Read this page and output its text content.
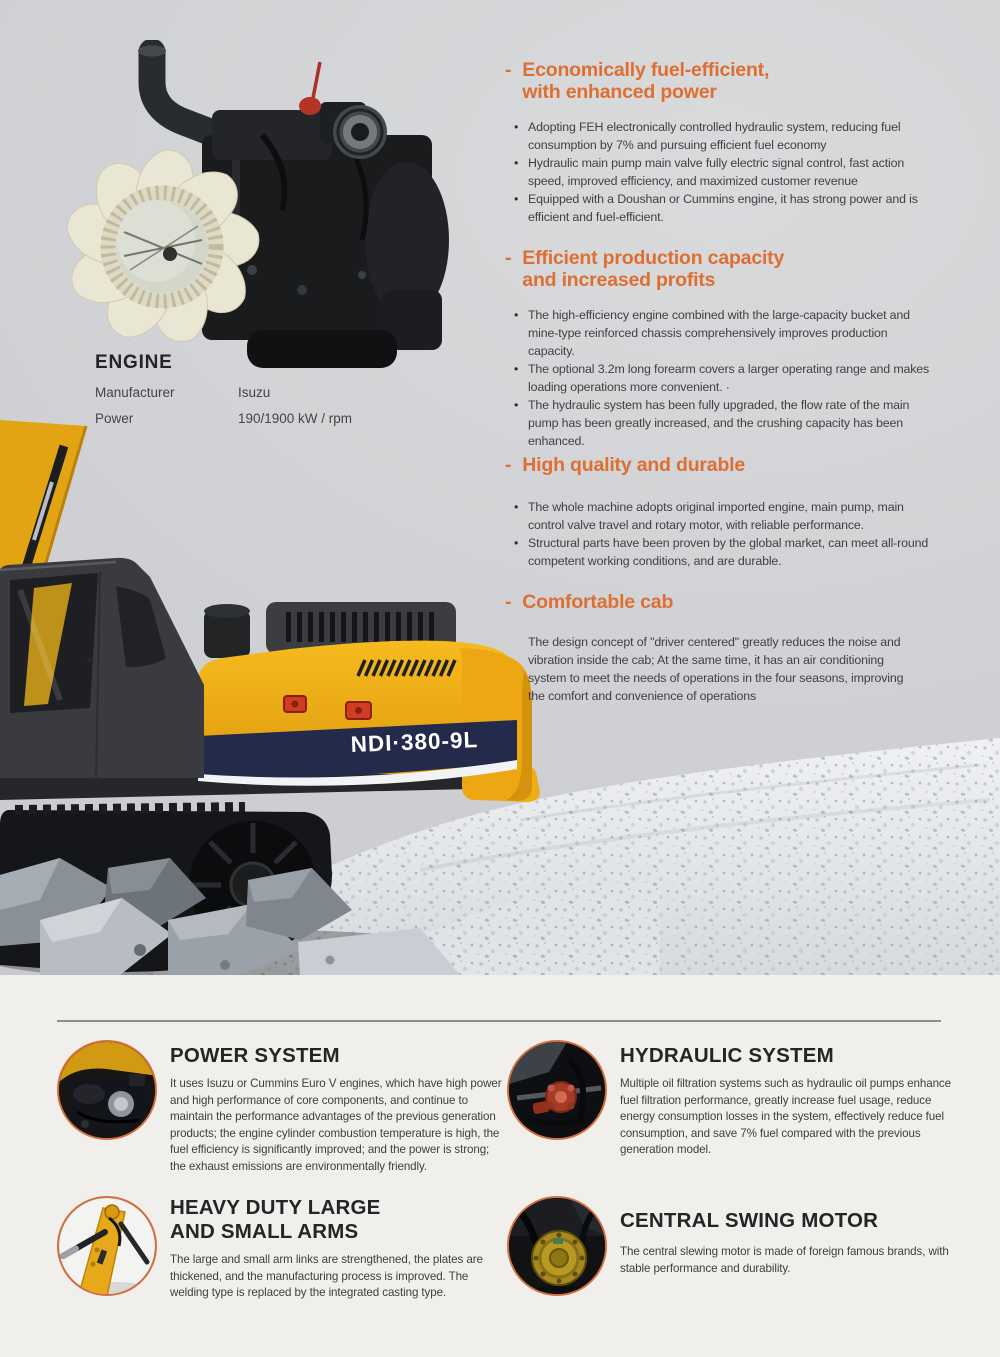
ENGINE
Manufacturer	Isuzu
Power	190/1900 kW / rpm
NDI·380-9L
- Economically fuel-efficient,
with enhanced power
• Adopting FEH electronically controlled hydraulic system, reducing fuel consumption by 7% and pursuing efficient fuel economy
• Hydraulic main pump main valve fully electric signal control, fast action speed, improved efficiency, and maximized customer revenue
• Equipped with a Doushan or Cummins engine, it has strong power and is efficient and fuel-efficient.
- Efficient production capacity
and increased profits
• The high-efficiency engine combined with the large-capacity bucket and mine-type reinforced chassis comprehensively improves production capacity.
• The optional 3.2m long forearm covers a larger operating range and makes loading operations more convenient. ·
• The hydraulic system has been fully upgraded, the flow rate of the main pump has been greatly increased, and the crushing capacity has been enhanced.
- High quality and durable
• The whole machine adopts original imported engine, main pump, main control valve travel and rotary motor, with reliable performance.
• Structural parts have been proven by the global market, can meet all-round competent working conditions, and are durable.
- Comfortable cab
The design concept of "driver centered" greatly reduces the noise and vibration inside the cab; At the same time, it has an air conditioning system to meet the needs of operations in the four seasons, improving the comfort and convenience of operations
POWER SYSTEM
It uses Isuzu or Cummins Euro V engines, which have high power and high performance of core components, and continue to maintain the performance advantages of the previous generation products; the engine cylinder combustion temperature is high, the fuel efficiency is significantly improved; and the power is strong; the exhaust emissions are environmentally friendly.
HYDRAULIC SYSTEM
Multiple oil filtration systems such as hydraulic oil pumps enhance fuel filtration performance, greatly increase fuel usage, reduce energy consumption losses in the system, effectively reduce fuel consumption, and save 7% fuel compared with the previous generation model.
HEAVY DUTY LARGE
AND SMALL ARMS
The large and small arm links are strengthened, the plates are thickened, and the manufacturing process is improved. The welding type is replaced by the integrated casting type.
CENTRAL SWING MOTOR
The central slewing motor is made of foreign famous brands, with stable performance and durability.
